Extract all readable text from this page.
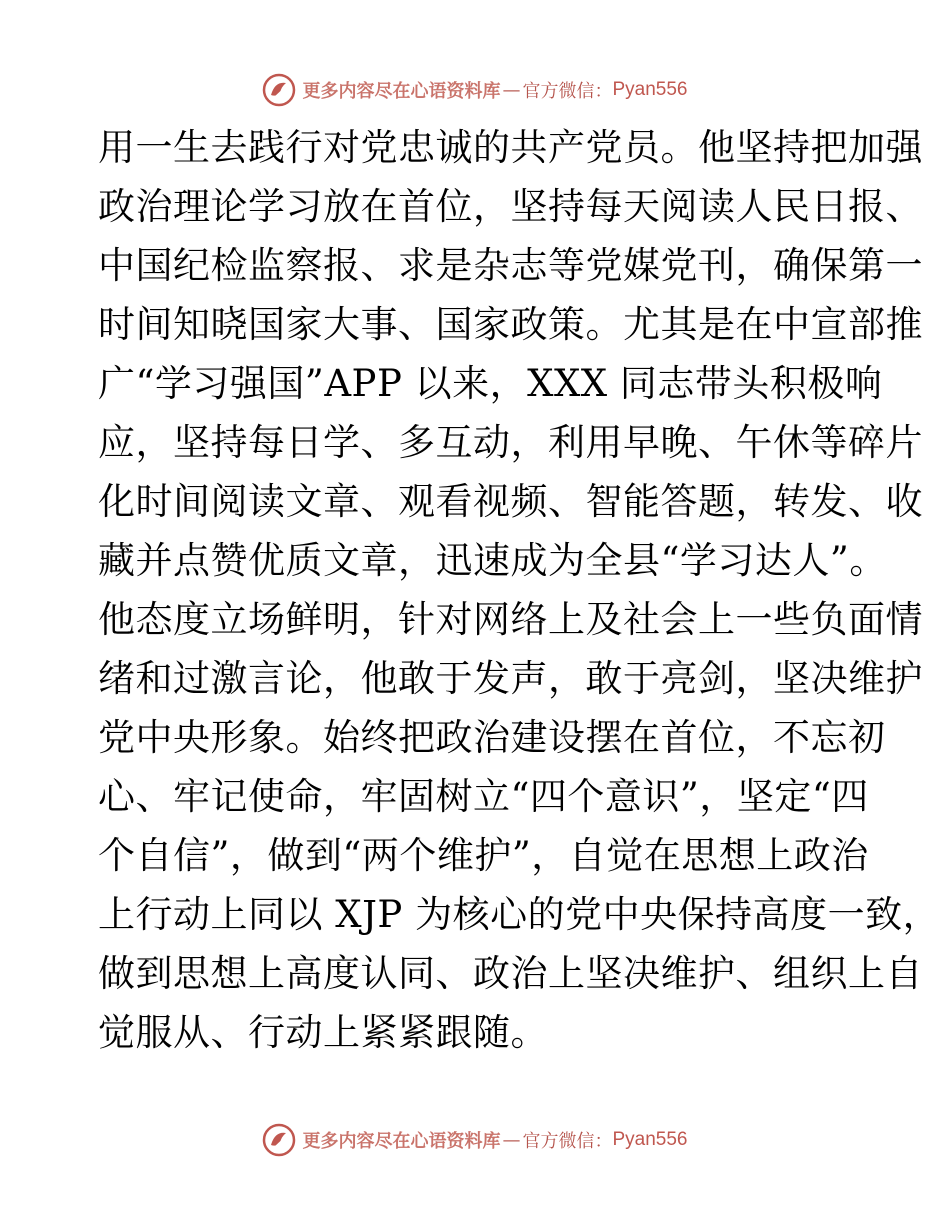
更多内容尽在心语资料库 — 官方微信： Pyan556
用一生去践行对党忠诚的共产党员。他坚持把加强
政治理论学习放在首位，坚持每天阅读人民日报、
中国纪检监察报、求是杂志等党媒党刊，确保第一
时间知晓国家大事、国家政策。尤其是在中宣部推
广“学习强国”APP 以来，XXX 同志带头积极响
应，坚持每日学、多互动，利用早晚、午休等碎片
化时间阅读文章、观看视频、智能答题，转发、收
藏并点赞优质文章，迅速成为全县“学习达人”。
他态度立场鲜明，针对网络上及社会上一些负面情
绪和过激言论，他敢于发声，敢于亮剑，坚决维护
党中央形象。始终把政治建设摆在首位，不忘初
心、牢记使命，牢固树立“四个意识”，坚定“四
个自信”，做到“两个维护”，自觉在思想上政治
上行动上同以 XJP 为核心的党中央保持高度一致，
做到思想上高度认同、政治上坚决维护、组织上自
觉服从、行动上紧紧跟随。
更多内容尽在心语资料库 — 官方微信： Pyan556
